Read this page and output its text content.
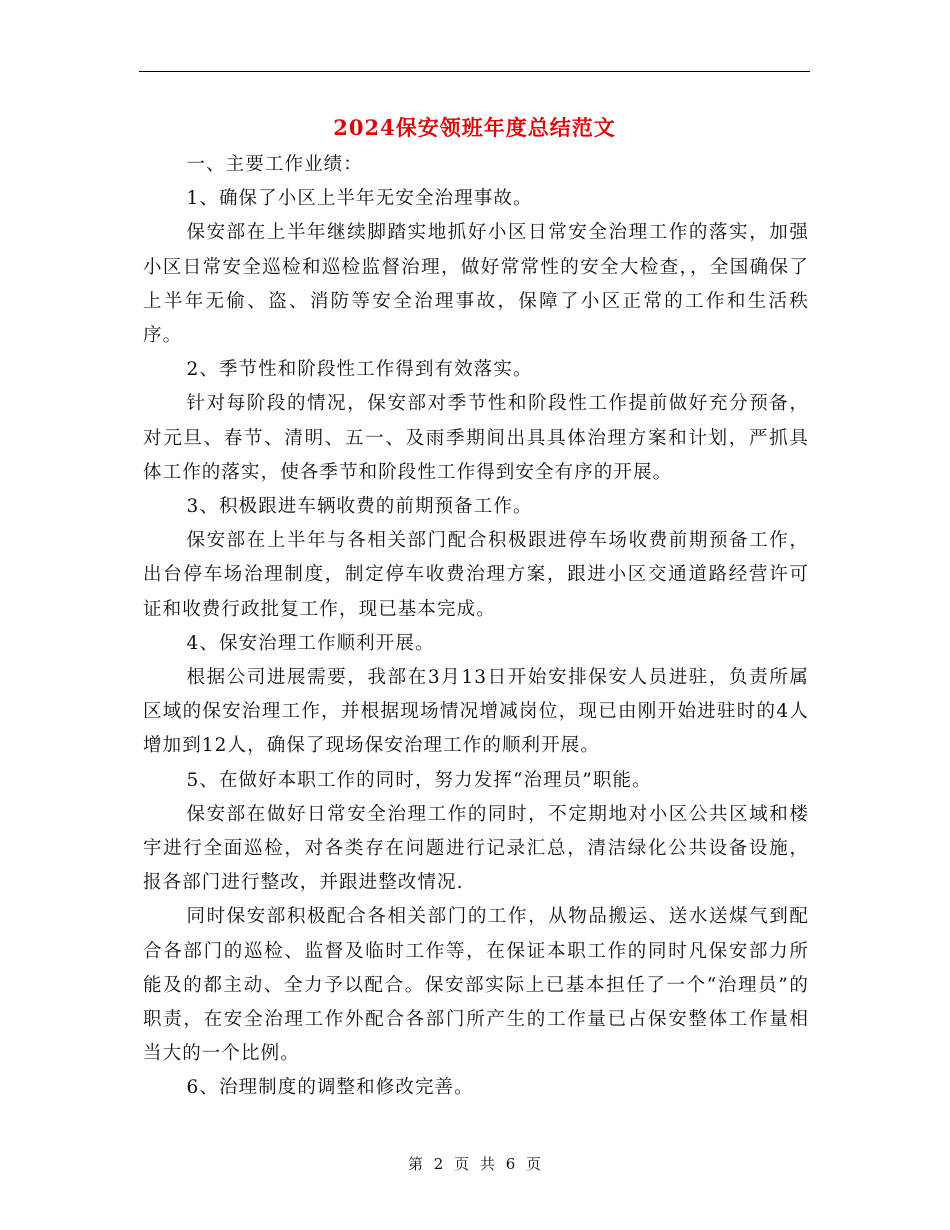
2024保安领班年度总结范文

一、主要工作业绩：

1、确保了小区上半年无安全治理事故。

保安部在上半年继续脚踏实地抓好小区日常安全治理工作的落实，加强小区日常安全巡检和巡检监督治理，做好常常性的安全大检查，，全国确保了上半年无偷、盗、消防等安全治理事故，保障了小区正常的工作和生活秩序。

2、季节性和阶段性工作得到有效落实。

针对每阶段的情况，保安部对季节性和阶段性工作提前做好充分预备，对元旦、春节、清明、五一、及雨季期间出具具体治理方案和计划，严抓具体工作的落实，使各季节和阶段性工作得到安全有序的开展。

3、积极跟进车辆收费的前期预备工作。

保安部在上半年与各相关部门配合积极跟进停车场收费前期预备工作，出台停车场治理制度，制定停车收费治理方案，跟进小区交通道路经营许可证和收费行政批复工作，现已基本完成。

4、保安治理工作顺利开展。

根据公司进展需要，我部在3月13日开始安排保安人员进驻，负责所属区域的保安治理工作，并根据现场情况增减岗位，现已由刚开始进驻时的4人增加到12人，确保了现场保安治理工作的顺利开展。

5、在做好本职工作的同时，努力发挥“治理员”职能。

保安部在做好日常安全治理工作的同时，不定期地对小区公共区域和楼宇进行全面巡检，对各类存在问题进行记录汇总，清洁绿化公共设备设施，报各部门进行整改，并跟进整改情况.

同时保安部积极配合各相关部门的工作，从物品搬运、送水送煤气到配合各部门的巡检、监督及临时工作等，在保证本职工作的同时凡保安部力所能及的都主动、全力予以配合。保安部实际上已基本担任了一个“治理员”的职责，在安全治理工作外配合各部门所产生的工作量已占保安整体工作量相当大的一个比例。

6、治理制度的调整和修改完善。

第 2 页 共 6 页
